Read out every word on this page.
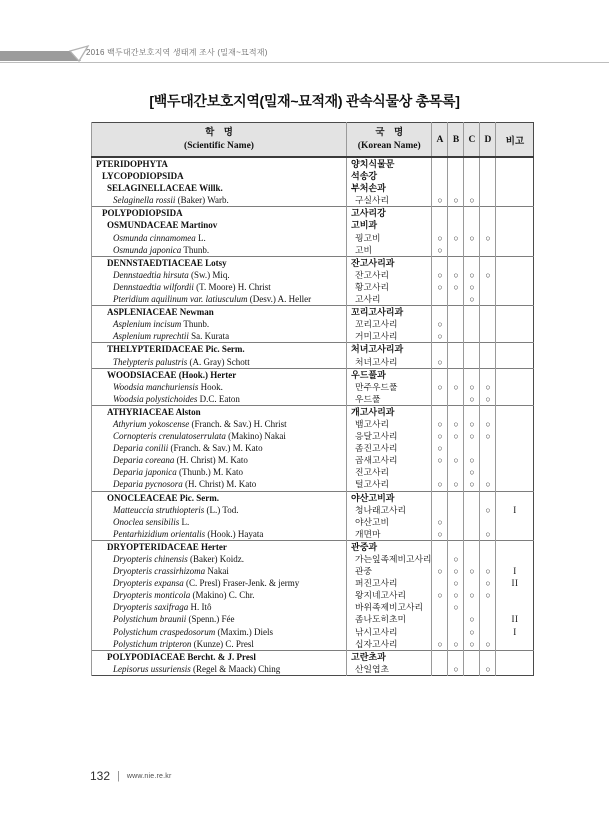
2016 백두대간보호지역 생태계 조사 (밀재~묘적재)
[백두대간보호지역(밀재~묘적재) 관속식물상 총목록]
학　명
(Scientific Name)

국　명
(Korean Name)
	A	B	C	D	비고
PTERIDOPHYTA	양치식물문					
LYCOPODIOPSIDA	석송강					
SELAGINELLACEAE Willk.	부처손과					
Selaginella rossii (Baker) Warb.	구실사리	○	○	○		
POLYPODIOPSIDA	고사리강					
OSMUNDACEAE Martinov	고비과					
Osmunda cinnamomea L.	꿩고비	○	○	○	○	
Osmunda japonica Thunb.	고비	○				
DENNSTAEDTIACEAE Lotsy	잔고사리과					
Dennstaedtia hirsuta (Sw.) Miq.	잔고사리	○	○	○	○	
Dennstaedtia wilfordii (T. Moore) H. Christ	황고사리	○	○	○		
Pteridium aquilinum var. latiusculum (Desv.) A. Heller	고사리			○		
ASPLENIACEAE Newman	꼬리고사리과					
Asplenium incisum Thunb.	꼬리고사리	○				
Asplenium ruprechtii Sa. Kurata	거미고사리	○				
THELYPTERIDACEAE Pic. Serm.	처녀고사리과					
Thelypteris palustris (A. Gray) Schott	처녀고사리	○				
WOODSIACEAE (Hook.) Herter	우드풀과					
Woodsia manchuriensis Hook.	만주우드풀	○	○	○	○	
Woodsia polystichoides D.C. Eaton	우드풀			○	○	
ATHYRIACEAE Alston	개고사리과					
Athyrium yokoscense (Franch. & Sav.) H. Christ	뱀고사리	○	○	○	○	
Cornopteris crenulatoserrulata (Makino) Nakai	응달고사리	○	○	○	○	
Deparia conilii (Franch. & Sav.) M. Kato	좀진고사리	○				
Deparia coreana (H. Christ) M. Kato	곱새고사리	○	○	○		
Deparia japonica (Thunb.) M. Kato	진고사리			○		
Deparia pycnosora (H. Christ) M. Kato	털고사리	○	○	○	○	
ONOCLEACEAE Pic. Serm.	야산고비과					
Matteuccia struthiopteris (L.) Tod.	청나래고사리				○	I
Onoclea sensibilis L.	야산고비	○				
Pentarhizidium orientalis (Hook.) Hayata	개면마	○			○	
DRYOPTERIDACEAE Herter	관중과					
Dryopteris chinensis (Baker) Koidz.	가는잎족제비고사리		○			
Dryopteris crassirhizoma Nakai	관중	○	○	○	○	I
Dryopteris expansa (C. Presl) Fraser-Jenk. & jermy	퍼진고사리		○		○	II
Dryopteris monticola (Makino) C. Chr.	왕지네고사리	○	○	○	○	
Dryopteris saxifraga H. Itô	바위족제비고사리		○			
Polystichum braunii (Spenn.) Fée	좀나도히초미			○		II
Polystichum craspedosorum (Maxim.) Diels	낚시고사리			○		I
Polystichum tripteron (Kunze) C. Presl	십자고사리	○	○	○	○	
POLYPODIACEAE Bercht. & J. Presl	고란초과					
Lepisorus ussuriensis (Regel & Maack) Ching	산일엽초		○		○	
132 | www.nie.re.kr
